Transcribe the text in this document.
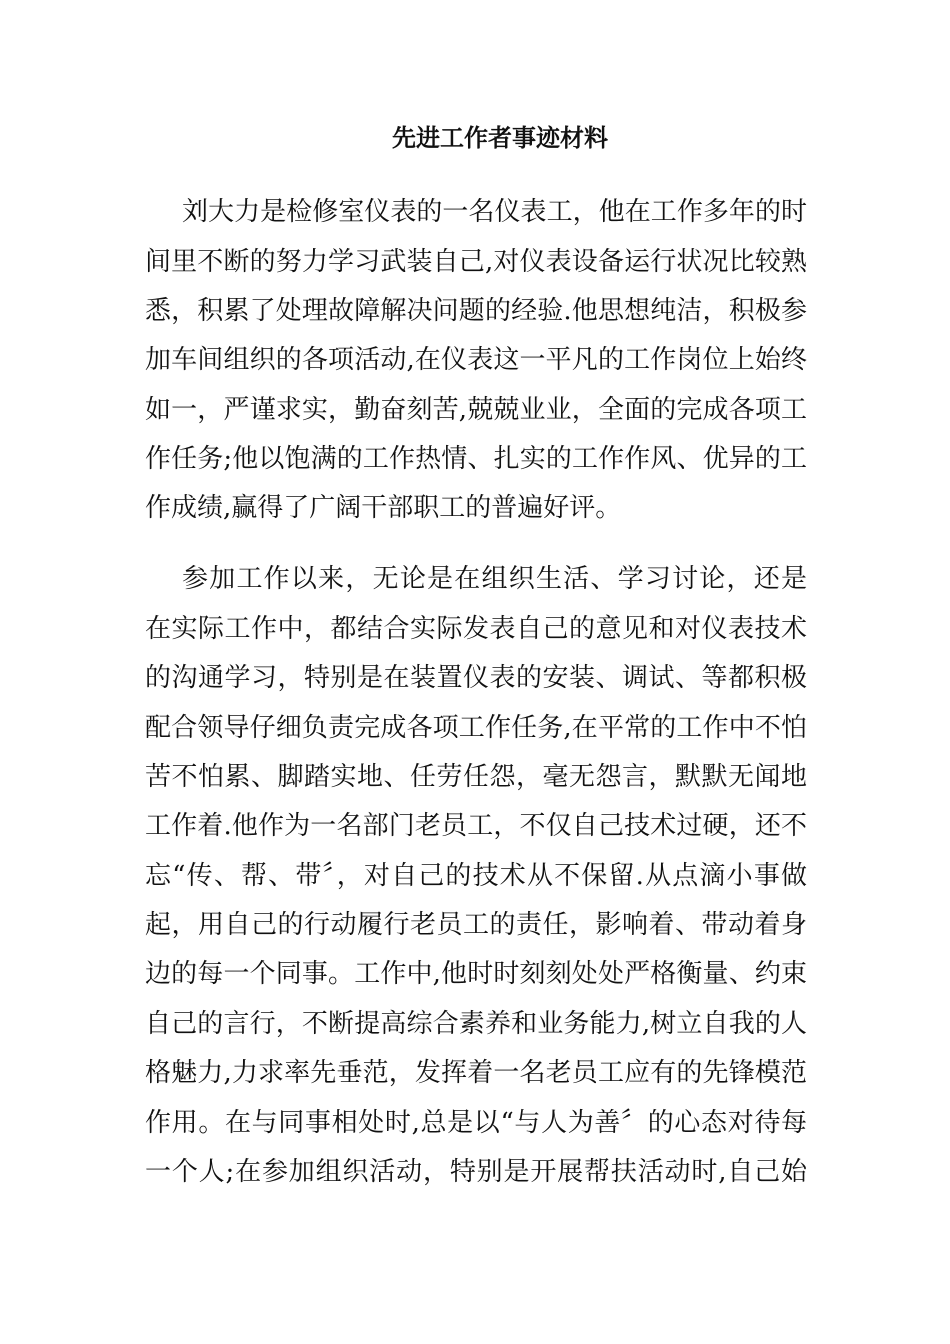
先进工作者事迹材料

刘大力是检修室仪表的一名仪表工，他在工作多年的时

间里不断的努力学习武装自己,对仪表设备运行状况比较熟

悉，积累了处理故障解决问题的经验.他思想纯洁，积极参

加车间组织的各项活动,在仪表这一平凡的工作岗位上始终

如一，严谨求实，勤奋刻苦,兢兢业业，全面的完成各项工

作任务;他以饱满的工作热情、扎实的工作作风、优异的工

作成绩,赢得了广阔干部职工的普遍好评。

参加工作以来，无论是在组织生活、学习讨论，还是

在实际工作中，都结合实际发表自己的意见和对仪表技术

的沟通学习，特别是在装置仪表的安装、调试、等都积极

配合领导仔细负责完成各项工作任务,在平常的工作中不怕

苦不怕累、脚踏实地、任劳任怨，毫无怨言，默默无闻地

工作着.他作为一名部门老员工，不仅自己技术过硬，还不

忘“传、帮、带〞，对自己的技术从不保留.从点滴小事做

起，用自己的行动履行老员工的责任，影响着、带动着身

边的每一个同事。工作中,他时时刻刻处处严格衡量、约束

自己的言行，不断提高综合素养和业务能力,树立自我的人

格魅力,力求率先垂范，发挥着一名老员工应有的先锋模范

作用。在与同事相处时,总是以“与人为善〞的心态对待每

一个人;在参加组织活动，特别是开展帮扶活动时,自己始
